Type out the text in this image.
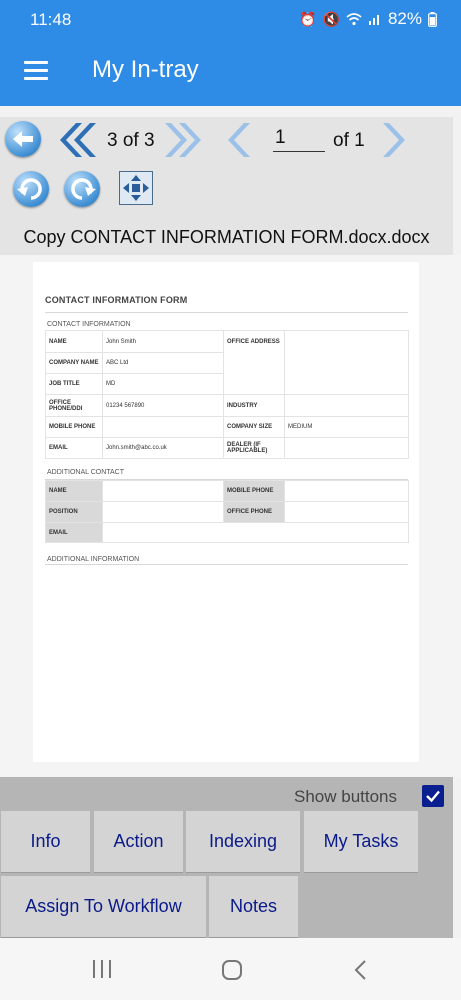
11:48	⏰ 🔇	82%
My In-tray
3 of 3
1	of 1
Copy CONTACT INFORMATION FORM.docx.docx
CONTACT INFORMATION FORM
CONTACT INFORMATION
NAME	John Smith	OFFICE ADDRESS	
COMPANY NAME	ABC Ltd		
JOB TITLE	MD		
OFFICE PHONE/DDI	01234 567890	INDUSTRY	
MOBILE PHONE		COMPANY SIZE	MEDIUM
EMAIL	John.smith@abc.co.uk	DEALER (IF APPLICABLE)	
ADDITIONAL CONTACT
NAME		MOBILE PHONE	
POSITION		OFFICE PHONE	
EMAIL			
ADDITIONAL INFORMATION
Show buttons
Info	Action	Indexing	My Tasks
Assign To Workflow	Notes
